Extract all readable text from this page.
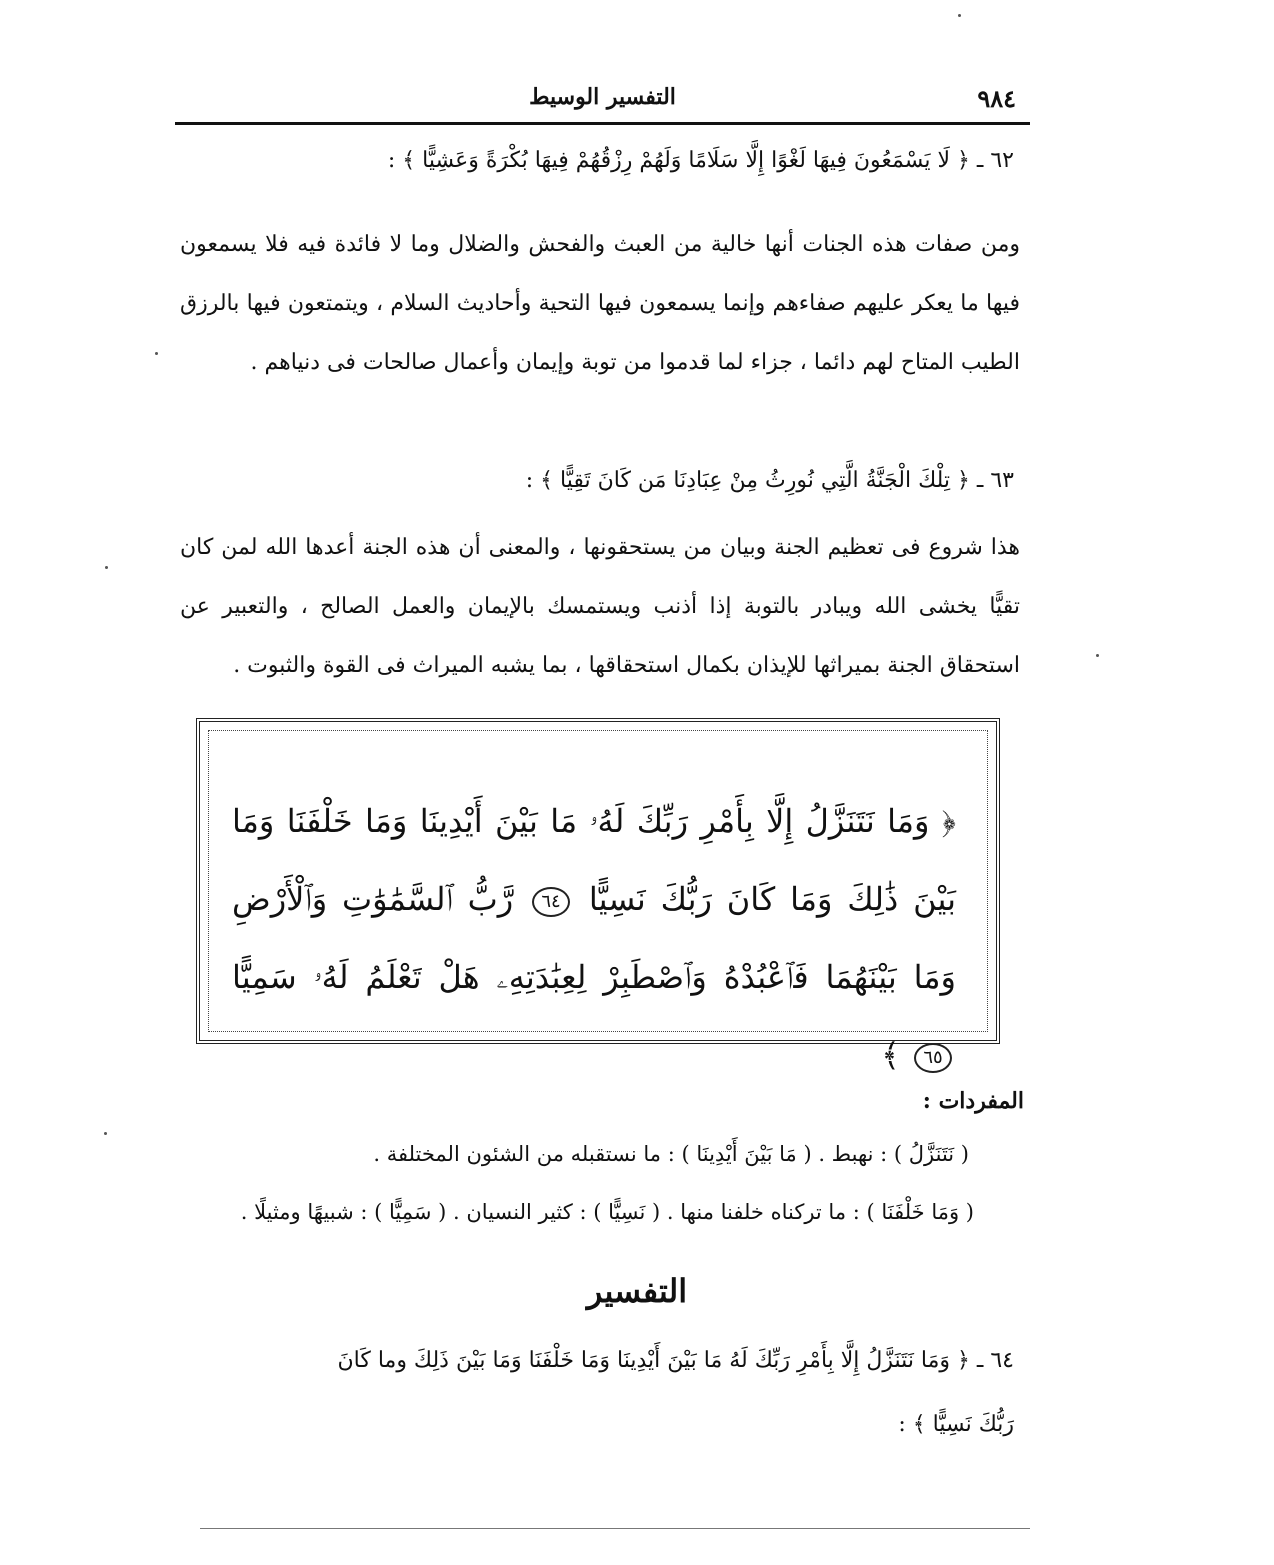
٩٨٤
التفسير الوسيط
٦٢ ـ ﴿ لَا يَسْمَعُونَ فِيهَا لَغْوًا إِلَّا سَلَامًا وَلَهُمْ رِزْقُهُمْ فِيهَا بُكْرَةً وَعَشِيًّا ﴾ :
ومن صفات هذه الجنات أنها خالية من العبث والفحش والضلال وما لا فائدة فيه فلا يسمعون فيها ما يعكر عليهم صفاءهم وإنما يسمعون فيها التحية وأحاديث السلام ، ويتمتعون فيها بالرزق الطيب المتاح لهم دائما ، جزاء لما قدموا من توبة وإيمان وأعمال صالحات فى دنياهم .
٦٣ ـ ﴿ تِلْكَ الْجَنَّةُ الَّتِي نُورِثُ مِنْ عِبَادِنَا مَن كَانَ تَقِيًّا ﴾ :
هذا شروع فى تعظيم الجنة وبيان من يستحقونها ، والمعنى أن هذه الجنة أعدها الله لمن كان تقيًّا يخشى الله ويبادر بالتوبة إذا أذنب ويستمسك بالإيمان والعمل الصالح ، والتعبير عن استحقاق الجنة بميراثها للإيذان بكمال استحقاقها ، بما يشبه الميراث فى القوة والثبوت .
﴿ وَمَا نَتَنَزَّلُ إِلَّا بِأَمْرِ رَبِّكَ لَهُۥ مَا بَيْنَ أَيْدِينَا وَمَا خَلْفَنَا وَمَا بَيْنَ ذَٰلِكَ وَمَا كَانَ رَبُّكَ نَسِيًّا ٦٤ رَّبُّ ٱلسَّمَٰوَٰتِ وَٱلْأَرْضِ وَمَا بَيْنَهُمَا فَٱعْبُدْهُ وَٱصْطَبِرْ لِعِبَٰدَتِهِۦ هَلْ تَعْلَمُ لَهُۥ سَمِيًّا ٦٥ ﴾
المفردات :
( نَتَنَزَّلُ ) : نهبط . ( مَا بَيْنَ أَيْدِينَا ) : ما نستقبله من الشئون المختلفة .
( وَمَا خَلْفَنَا ) : ما تركناه خلفنا منها . ( نَسِيًّا ) : كثير النسيان . ( سَمِيًّا ) : شبيهًا ومثيلًا .
التفسير
٦٤ ـ ﴿ وَمَا نَتَنَزَّلُ إِلَّا بِأَمْرِ رَبِّكَ لَهُ مَا بَيْنَ أَيْدِينَا وَمَا خَلْفَنَا وَمَا بَيْنَ ذَلِكَ وما كَانَ
رَبُّكَ نَسِيًّا ﴾ :
